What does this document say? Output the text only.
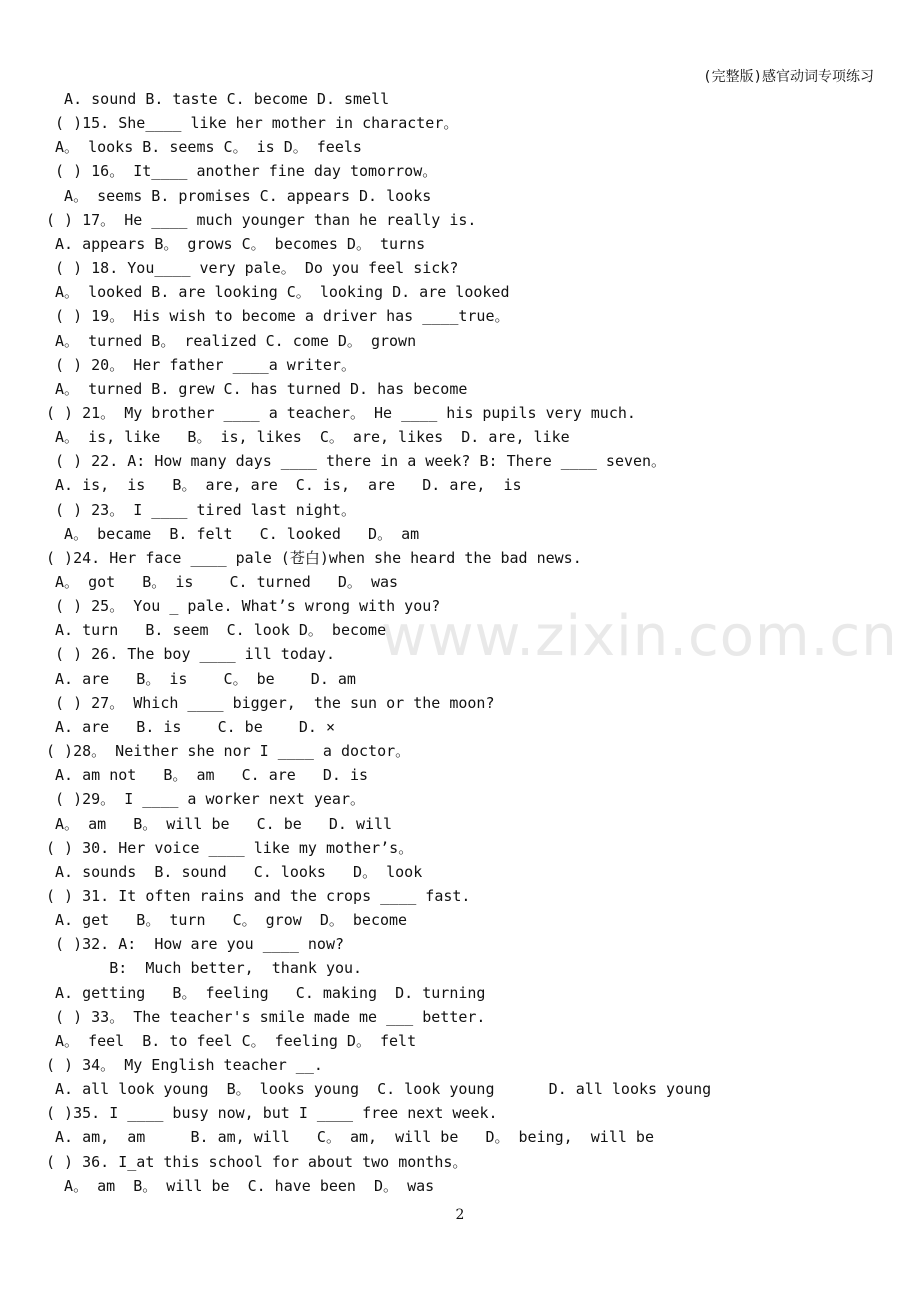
(完整版)感官动词专项练习
www.zixin.com.cn
A. sound B. taste C. become D. smell
( )15. She____ like her mother in character。
A。 looks B. seems C。 is D。 feels
( ) 16。 It____ another fine day tomorrow。
A。 seems B. promises C. appears D. looks
( ) 17。 He ____ much younger than he really is.
A. appears B。 grows C。 becomes D。 turns
( ) 18. You____ very pale。 Do you feel sick?
A。 looked B. are looking C。 looking D. are looked
( ) 19。 His wish to become a driver has ____true。
A。 turned B。 realized C. come D。 grown
( ) 20。 Her father ____a writer。
A。 turned B. grew C. has turned D. has become
( ) 21。 My brother ____ a teacher。 He ____ his pupils very much.
A。 is, like   B。 is, likes  C。 are, likes  D. are, like
( ) 22. A: How many days ____ there in a week? B: There ____ seven。
A. is,  is   B。 are, are  C. is,  are   D. are,  is
( ) 23。 I ____ tired last night。
A。 became  B. felt   C. looked   D。 am
( )24. Her face ____ pale (苍白)when she heard the bad news.
A。 got   B。 is    C. turned   D。 was
( ) 25。 You _ pale. What’s wrong with you?
A. turn   B. seem  C. look D。 become
( ) 26. The boy ____ ill today.
A. are   B。 is    C。 be    D. am
( ) 27。 Which ____ bigger,  the sun or the moon?
A. are   B. is    C. be    D. ×
( )28。 Neither she nor I ____ a doctor。
A. am not   B。 am   C. are   D. is
( )29。 I ____ a worker next year。
A。 am   B。 will be   C. be   D. will
( ) 30. Her voice ____ like my mother’s。
A. sounds  B. sound   C. looks   D。 look
( ) 31. It often rains and the crops ____ fast.
A. get   B。 turn   C。 grow  D。 become
( )32. A:  How are you ____ now?
B:  Much better,  thank you.
A. getting   B。 feeling   C. making  D. turning
( ) 33。 The teacher's smile made me ___ better.
A。 feel  B. to feel C。 feeling D。 felt
( ) 34。 My English teacher __.
A. all look young  B。 looks young  C. look young      D. all looks young
( )35. I ____ busy now, but I ____ free next week.
A. am,  am     B. am, will   C。 am,  will be   D。 being,  will be
( ) 36. I_at this school for about two months。
A。 am  B。 will be  C. have been  D。 was
2
